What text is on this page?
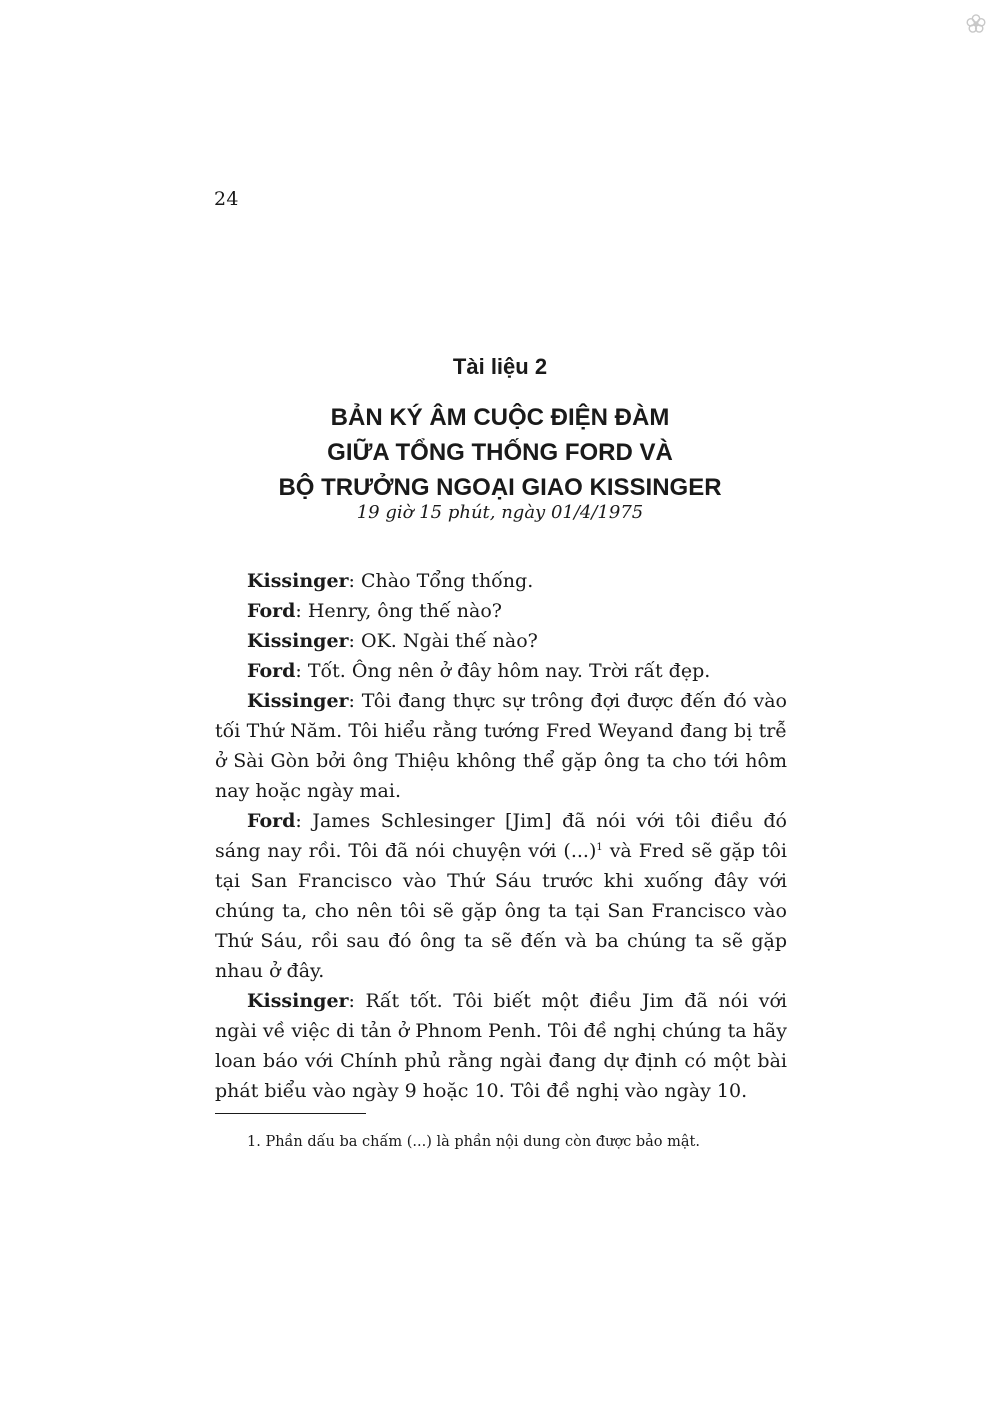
24
Tài liệu 2
BẢN KÝ ÂM CUỘC ĐIỆN ĐÀM
GIỮA TỔNG THỐNG FORD VÀ
BỘ TRƯỞNG NGOẠI GIAO KISSINGER
19 giờ 15 phút, ngày 01/4/1975

Kissinger: Chào Tổng thống.

Ford: Henry, ông thế nào?

Kissinger: OK. Ngài thế nào?

Ford: Tốt. Ông nên ở đây hôm nay. Trời rất đẹp.

Kissinger: Tôi đang thực sự trông đợi được đến đó vào tối Thứ Năm. Tôi hiểu rằng tướng Fred Weyand đang bị trễ ở Sài Gòn bởi ông Thiệu không thể gặp ông ta cho tới hôm nay hoặc ngày mai.

Ford: James Schlesinger [Jim] đã nói với tôi điều đó sáng nay rồi. Tôi đã nói chuyện với (...)$^1$ và Fred sẽ gặp tôi tại San Francisco vào Thứ Sáu trước khi xuống đây với chúng ta, cho nên tôi sẽ gặp ông ta tại San Francisco vào Thứ Sáu, rồi sau đó ông ta sẽ đến và ba chúng ta sẽ gặp nhau ở đây.

Kissinger: Rất tốt. Tôi biết một điều Jim đã nói với ngài về việc di tản ở Phnom Penh. Tôi đề nghị chúng ta hãy loan báo với Chính phủ rằng ngài đang dự định có một bài phát biểu vào ngày 9 hoặc 10. Tôi đề nghị vào ngày 10.

1. Phần dấu ba chấm (...) là phần nội dung còn được bảo mật.
